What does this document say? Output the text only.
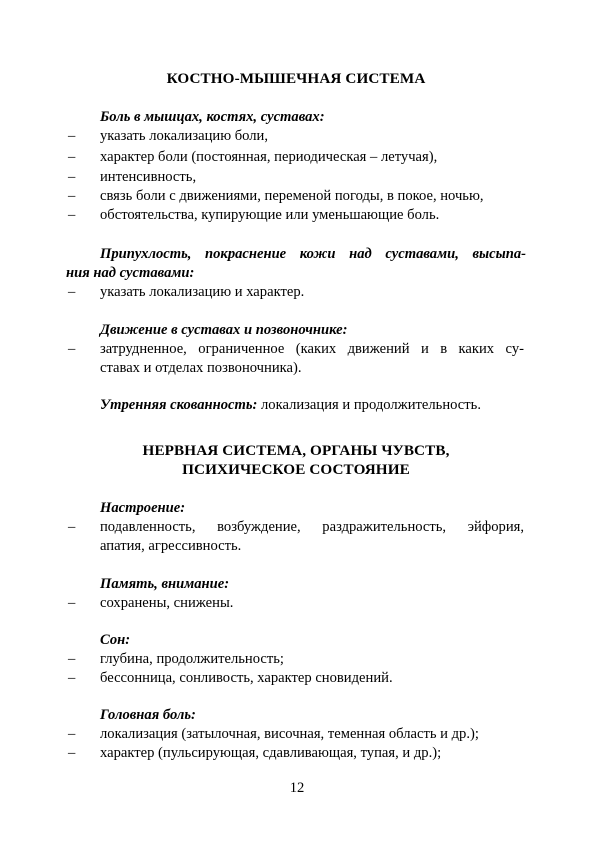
КОСТНО-МЫШЕЧНАЯ СИСТЕМА
Боль в мышцах, костях, суставах:
–	указать локализацию боли,
–	характер боли (постоянная, периодическая – летучая),
–	интенсивность,
–	связь боли с движениями, переменой погоды, в покое, ночью,
–	обстоятельства, купирующие или уменьшающие боль.
Припухлость, покраснение кожи над суставами, высыпа-
ния над суставами:
–	указать локализацию и характер.
Движение в суставах и позвоночнике:
–	затрудненное, ограниченное (каких движений и в каких су-
ставах и отделах позвоночника).
Утренняя скованность: локализация и продолжительность.
НЕРВНАЯ СИСТЕМА, ОРГАНЫ ЧУВСТВ,
ПСИХИЧЕСКОЕ СОСТОЯНИЕ
Настроение:
–	подавленность, возбуждение, раздражительность, эйфория,
апатия, агрессивность.
Память, внимание:
–	сохранены, снижены.
Сон:
–	глубина, продолжительность;
–	бессонница, сонливость, характер сновидений.
Головная боль:
–	локализация (затылочная, височная, теменная область и др.);
–	характер (пульсирующая, сдавливающая, тупая, и др.);
12
